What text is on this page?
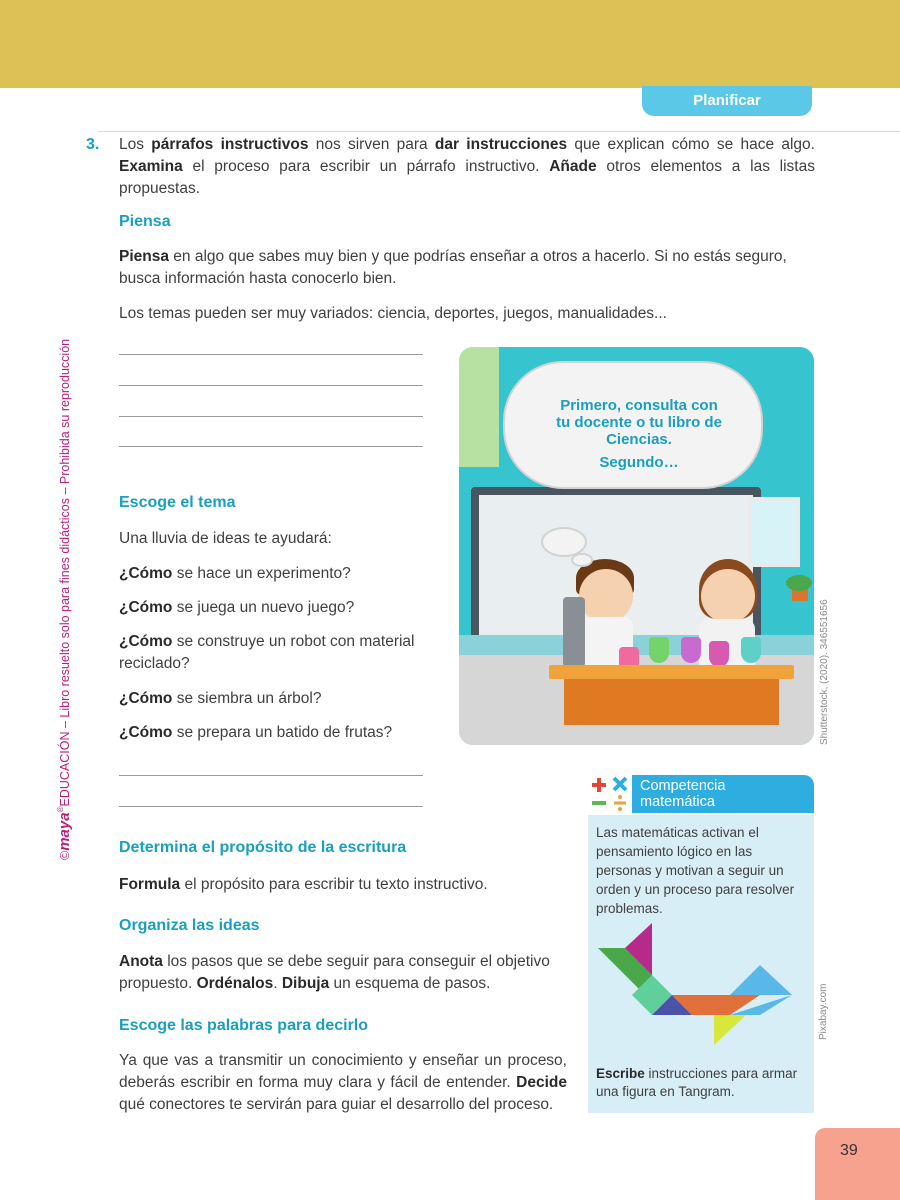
Planificar
©maya®EDUCACIÓN – Libro resuelto solo para fines didácticos – Prohibida su reproducción
3. Los párrafos instructivos nos sirven para dar instrucciones que explican cómo se hace algo. Examina el proceso para escribir un párrafo instructivo. Añade otros elementos a las listas propuestas.

Piensa

Piensa en algo que sabes muy bien y que podrías enseñar a otros a hacerlo. Si no estás seguro, busca información hasta conocerlo bien.

Los temas pueden ser muy variados: ciencia, deportes, juegos, manualidades...

Escoge el tema

Una lluvia de ideas te ayudará:

¿Cómo se hace un experimento?

¿Cómo se juega un nuevo juego?

¿Cómo se construye un robot con material reciclado?

¿Cómo se siembra un árbol?

¿Cómo se prepara un batido de frutas?

Determina el propósito de la escritura

Formula el propósito para escribir tu texto instructivo.

Organiza las ideas

Anota los pasos que se debe seguir para conseguir el objetivo propuesto. Ordénalos. Dibuja un esquema de pasos.

Escoge las palabras para decirlo

Ya que vas a transmitir un conocimiento y enseñar un proceso, deberás escribir en forma muy clara y fácil de entender. Decide qué conectores te servirán para guiar el desarrollo del proceso.

Primero, consulta con
tu docente o tu libro de
Ciencias.
Segundo…
Shutterstock, (2020). 346551656
Competencia
matemática

Las matemáticas activan el pensamiento lógico en las personas y motivan a seguir un orden y un proceso para resolver problemas.

Escribe instrucciones para armar una figura en Tangram.

Pixabay.com
39
